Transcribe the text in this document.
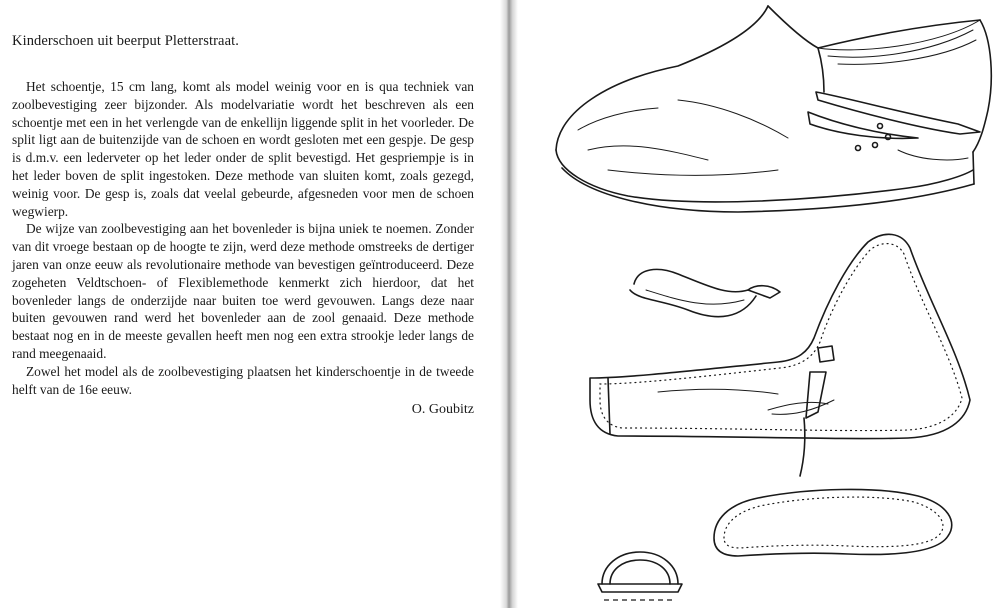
Kinderschoen uit beerput Pletterstraat.

Het schoentje, 15 cm lang, komt als model weinig voor en is qua techniek van zoolbevestiging zeer bijzonder. Als modelvariatie wordt het beschreven als een schoentje met een in het verlengde van de enkellijn liggende split in het voorleder. De split ligt aan de buitenzijde van de schoen en wordt gesloten met een gespje. De gesp is d.m.v. een lederveter op het leder onder de split bevestigd. Het gespriempje is in het leder boven de split ingestoken. Deze methode van sluiten komt, zoals gezegd, weinig voor. De gesp is, zoals dat veelal gebeurde, afgesneden voor men de schoen wegwierp.

De wijze van zoolbevestiging aan het bovenleder is bijna uniek te noemen. Zonder van dit vroege bestaan op de hoogte te zijn, werd deze methode omstreeks de dertiger jaren van onze eeuw als revolutionaire methode van bevestigen geïntroduceerd. Deze zogeheten Veldtschoen- of Flexiblemethode kenmerkt zich hierdoor, dat het bovenleder langs de onderzijde naar buiten toe werd gevouwen. Langs deze naar buiten gevouwen rand werd het bovenleder aan de zool genaaid. Deze methode bestaat nog en in de meeste gevallen heeft men nog een extra strookje leder langs de rand meegenaaid.

Zowel het model als de zoolbevestiging plaatsen het kinderschoentje in de tweede helft van de 16e eeuw.

O. Goubitz
